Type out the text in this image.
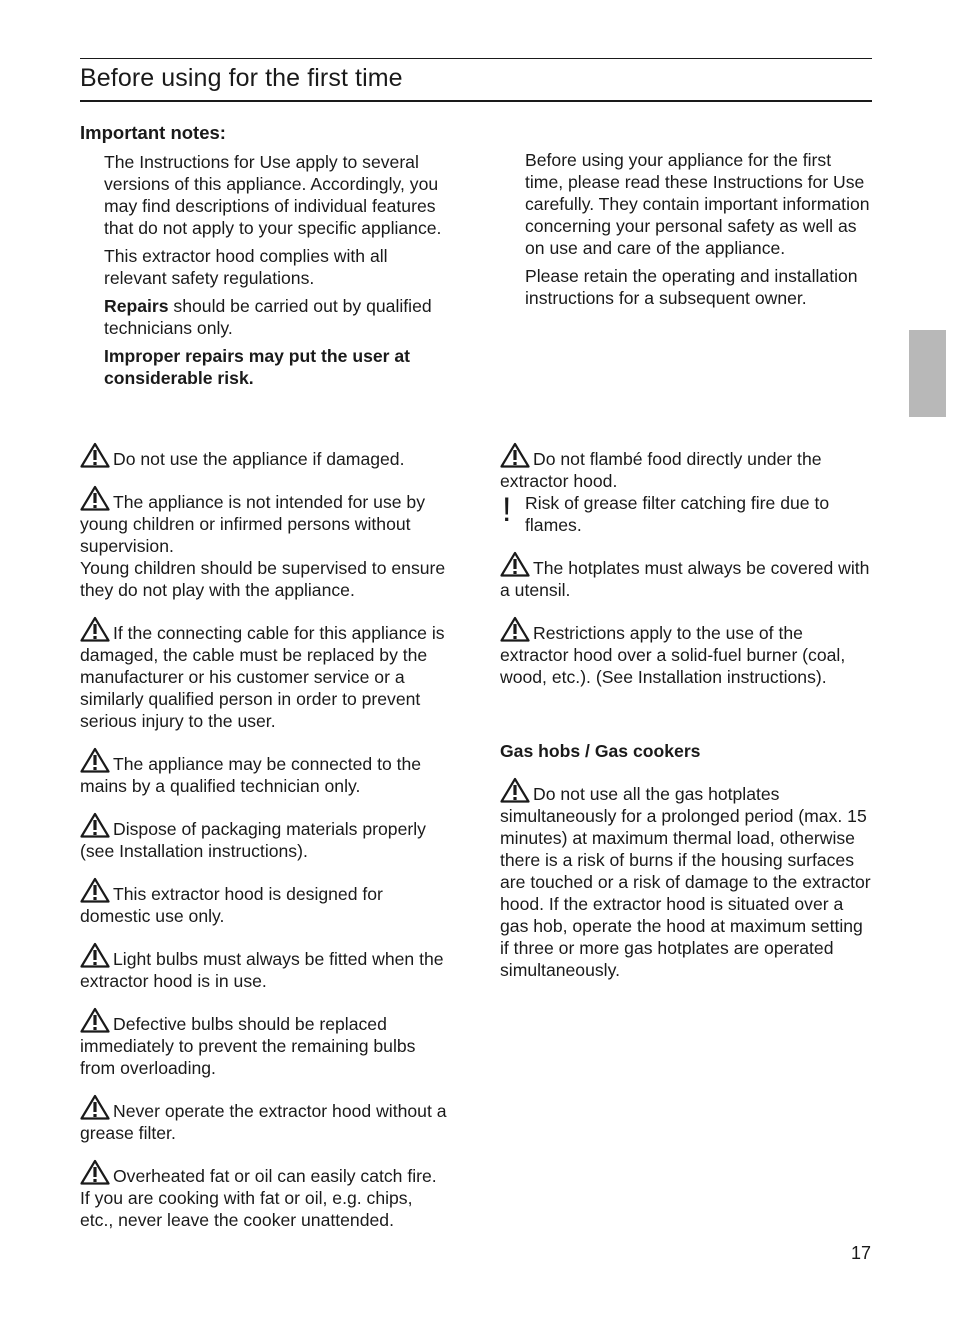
Before using for the first time
Important notes:

The Instructions for Use apply to several versions of this appliance. Accordingly, you may find descriptions of individual features that do not apply to your specific appliance.

This extractor hood complies with all relevant safety regulations.

Repairs should be carried out by qualified technicians only.

Improper repairs may put the user at considerable risk.

Before using your appliance for the first time, please read these Instructions for Use carefully. They contain important information concerning your personal safety as well as on use and care of the appliance.

Please retain the operating and installation instructions for a subsequent owner.

Do not use the appliance if damaged.
The appliance is not intended for use by young children or infirmed persons without supervision.
Young children should be supervised to ensure they do not play with the appliance.
If the connecting cable for this appliance is damaged, the cable must be replaced by the manufacturer or his customer service or a similarly qualified person in order to prevent serious injury to the user.
The appliance may be connected to the mains by a qualified technician only.
Dispose of packaging materials properly (see Installation instructions).
This extractor hood is designed for domestic use only.
Light bulbs must always be fitted when the extractor hood is in use.
Defective bulbs should be replaced immediately to prevent the remaining bulbs from overloading.
Never operate the extractor hood without a grease filter.
Overheated fat or oil can easily catch fire.
If you are cooking with fat or oil, e.g. chips, etc., never leave the cooker unattended.
Do not flambé food directly under the extractor hood.
! Risk of grease filter catching fire due to flames.
The hotplates must always be covered with a utensil.
Restrictions apply to the use of the extractor hood over a solid-fuel burner (coal, wood, etc.). (See Installation instructions).
Gas hobs / Gas cookers
Do not use all the gas hotplates simultaneously for a prolonged period (max. 15 minutes) at maximum thermal load, otherwise there is a risk of burns if the housing surfaces are touched or a risk of damage to the extractor hood. If the extractor hood is situated over a gas hob, operate the hood at maximum setting if three or more gas hotplates are operated simultaneously.
17
